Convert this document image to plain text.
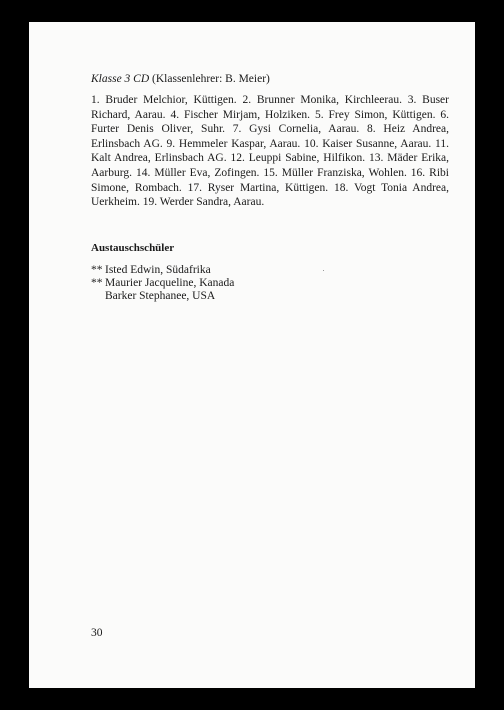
Klasse 3 CD (Klassenlehrer: B. Meier)

1. Bruder Melchior, Küttigen. 2. Brunner Monika, Kirchleerau. 3. Buser Richard, Aarau. 4. Fischer Mirjam, Holziken. 5. Frey Simon, Küttigen. 6. Furter Denis Oliver, Suhr. 7. Gysi Cornelia, Aarau. 8. Heiz Andrea, Erlinsbach AG. 9. Hemmeler Kaspar, Aarau. 10. Kaiser Susanne, Aarau. 11. Kalt Andrea, Erlinsbach AG. 12. Leuppi Sabine, Hilfikon. 13. Mäder Erika, Aarburg. 14. Müller Eva, Zofingen. 15. Müller Franziska, Wohlen. 16. Ribi Simone, Rombach. 17. Ryser Martina, Küttigen. 18. Vogt Tonia Andrea, Uerkheim. 19. Werder Sandra, Aarau.

Austauschschüler

** Isted Edwin, Südafrika
** Maurier Jacqueline, Kanada
Barker Stephanee, USA

30
